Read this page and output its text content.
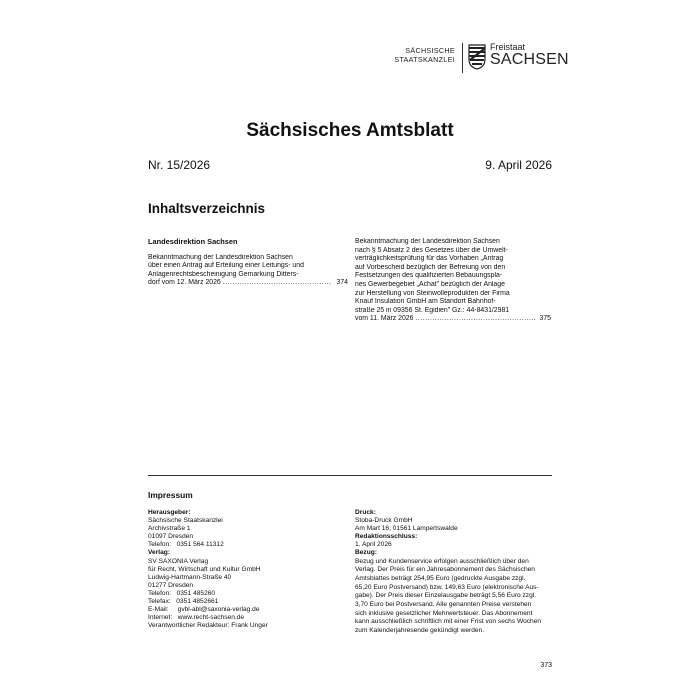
SÄCHSISCHE
STAATSKANZLEI
Freistaat
SACHSEN
Sächsisches Amtsblatt
Nr. 15/2026	9. April 2026
Inhaltsverzeichnis
Landesdirektion Sachsen
Bekanntmachung der Landesdirektion Sachsen
über einen Antrag auf Erteilung einer Leitungs- und
Anlagenrechtsbescheinigung Gemarkung Ditters-
dorf vom 12. März 2026 .....	374
Bekanntmachung der Landesdirektion Sachsen
nach § 5 Absatz 2 des Gesetzes über die Umwelt-
verträglichkeitsprüfung für das Vorhaben „Antrag
auf Vorbescheid bezüglich der Befreiung von den
Festsetzungen des qualifizierten Bebauungspla-
nes Gewerbegebiet „Achat" bezüglich der Anlage
zur Herstellung von Steinwolleprodukten der Firma
Knauf Insulation GmbH am Standort Bahnhof-
straße 25 in 09356 St. Egidien" Gz.: 44-8431/2981
vom 11. März 2026 .....	375
Impressum
Herausgeber:
Sächsische Staatskanzlei
Archivstraße 1
01097 Dresden
Telefon:   0351 564 11312
Verlag:
SV SAXONIA Verlag
für Recht, Wirtschaft und Kultur GmbH
Ludwig-Hartmann-Straße 40
01277 Dresden
Telefon:   0351 485260
Telefax:   0351 4852661
E-Mail:     gvbl-abl@saxonia-verlag.de
Internet:   www.recht-sachsen.de
Verantwortlicher Redakteur: Frank Unger
Druck:
Stoba-Druck GmbH
Am Mart 16, 01561 Lampertswalde
Redaktionsschluss:
1. April 2026
Bezug:
Bezug und Kundenservice erfolgen ausschließlich über den
Verlag. Der Preis für ein Jahresabonnement des Sächsischen
Amtsblattes beträgt 254,95 Euro (gedruckte Ausgabe zzgl.
65,20 Euro Postversand) bzw. 149,63 Euro (elektronische Aus-
gabe). Der Preis dieser Einzelausgabe beträgt 5,56 Euro zzgl.
3,70 Euro bei Postversand. Alle genannten Preise verstehen
sich inklusive gesetzlicher Mehrwertsteuer. Das Abonnement
kann ausschließlich schriftlich mit einer Frist von sechs Wochen
zum Kalenderjahresende gekündigt werden.
373
